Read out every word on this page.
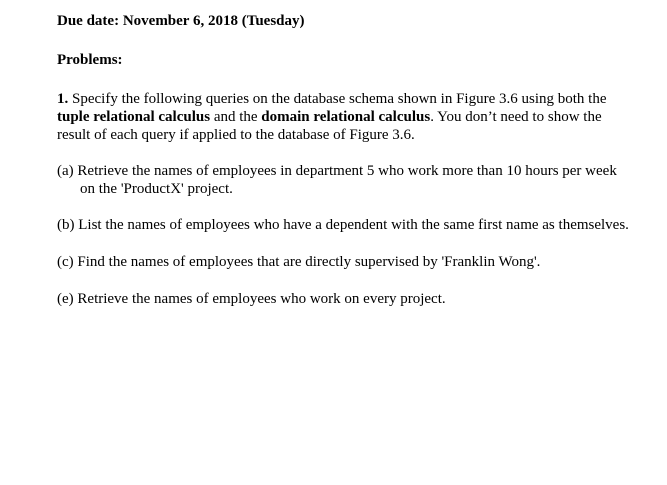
Due date: November 6, 2018 (Tuesday)

Problems:

1. Specify the following queries on the database schema shown in Figure 3.6 using both the tuple relational calculus and the domain relational calculus. You don’t need to show the result of each query if applied to the database of Figure 3.6.

(a) Retrieve the names of employees in department 5 who work more than 10 hours per week on the 'ProductX' project.

(b) List the names of employees who have a dependent with the same first name as themselves.

(c) Find the names of employees that are directly supervised by 'Franklin Wong'.

(e) Retrieve the names of employees who work on every project.
